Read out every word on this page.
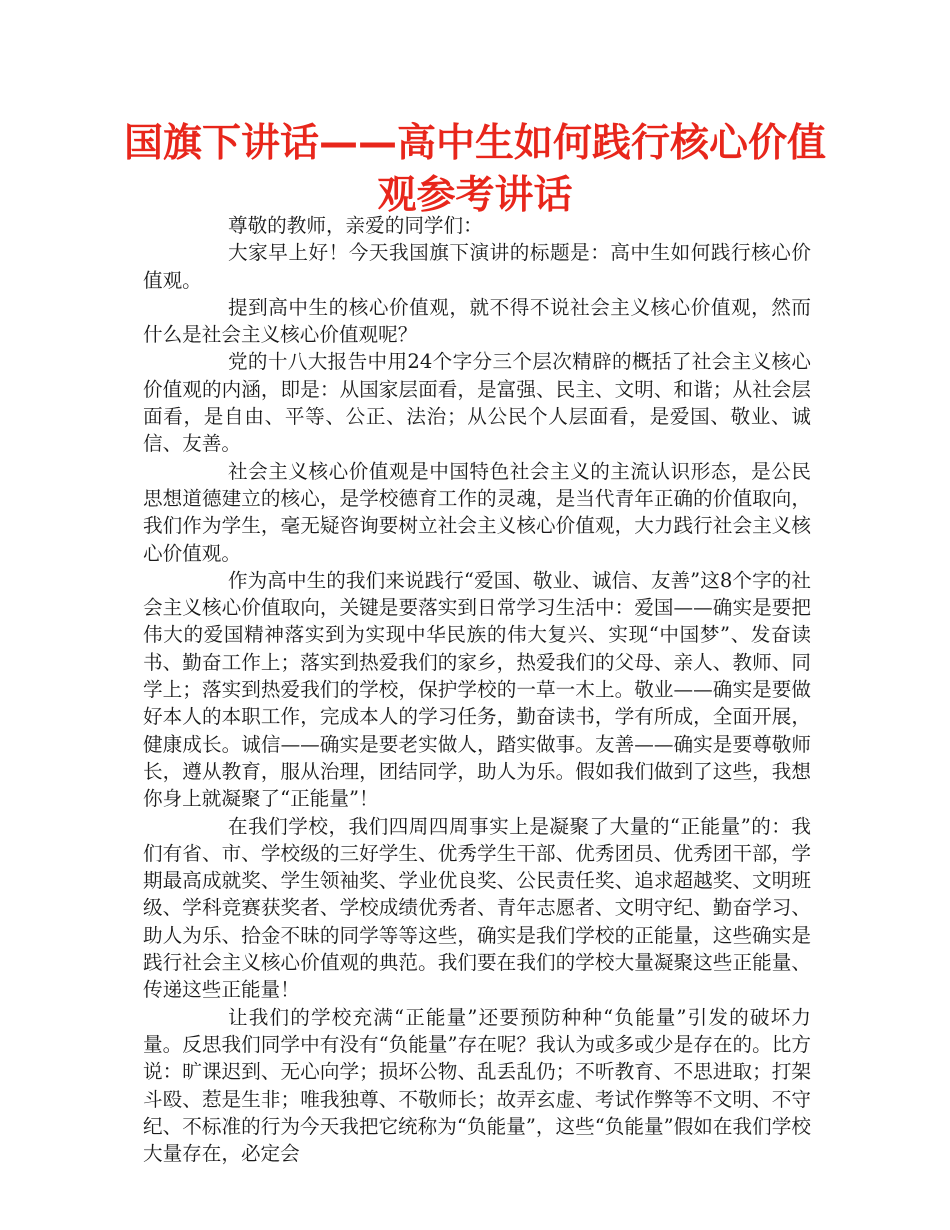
国旗下讲话——高中生如何践行核心价值观参考讲话

尊敬的教师，亲爱的同学们：

大家早上好！今天我国旗下演讲的标题是：高中生如何践行核心价值观。

提到高中生的核心价值观，就不得不说社会主义核心价值观，然而什么是社会主义核心价值观呢？

党的十八大报告中用24个字分三个层次精辟的概括了社会主义核心价值观的内涵，即是：从国家层面看，是富强、民主、文明、和谐；从社会层面看，是自由、平等、公正、法治；从公民个人层面看，是爱国、敬业、诚信、友善。

社会主义核心价值观是中国特色社会主义的主流认识形态，是公民思想道德建立的核心，是学校德育工作的灵魂，是当代青年正确的价值取向，我们作为学生，毫无疑咨询要树立社会主义核心价值观，大力践行社会主义核心价值观。

作为高中生的我们来说践行“爱国、敬业、诚信、友善”这8个字的社会主义核心价值取向，关键是要落实到日常学习生活中：爱国——确实是要把伟大的爱国精神落实到为实现中华民族的伟大复兴、实现“中国梦”、发奋读书、勤奋工作上；落实到热爱我们的家乡，热爱我们的父母、亲人、教师、同学上；落实到热爱我们的学校，保护学校的一草一木上。敬业——确实是要做好本人的本职工作，完成本人的学习任务，勤奋读书，学有所成，全面开展，健康成长。诚信——确实是要老实做人，踏实做事。友善——确实是要尊敬师长，遵从教育，服从治理，团结同学，助人为乐。假如我们做到了这些，我想你身上就凝聚了“正能量”！

在我们学校，我们四周四周事实上是凝聚了大量的“正能量”的：我们有省、市、学校级的三好学生、优秀学生干部、优秀团员、优秀团干部，学期最高成就奖、学生领袖奖、学业优良奖、公民责任奖、追求超越奖、文明班级、学科竞赛获奖者、学校成绩优秀者、青年志愿者、文明守纪、勤奋学习、助人为乐、拾金不昧的同学等等这些，确实是我们学校的正能量，这些确实是践行社会主义核心价值观的典范。我们要在我们的学校大量凝聚这些正能量、传递这些正能量！

让我们的学校充满“正能量”还要预防种种“负能量”引发的破坏力量。反思我们同学中有没有“负能量”存在呢？我认为或多或少是存在的。比方说：旷课迟到、无心向学；损坏公物、乱丢乱仍；不听教育、不思进取；打架斗殴、惹是生非；唯我独尊、不敬师长；故弄玄虚、考试作弊等不文明、不守纪、不标准的行为今天我把它统称为“负能量”，这些“负能量”假如在我们学校大量存在，必定会
